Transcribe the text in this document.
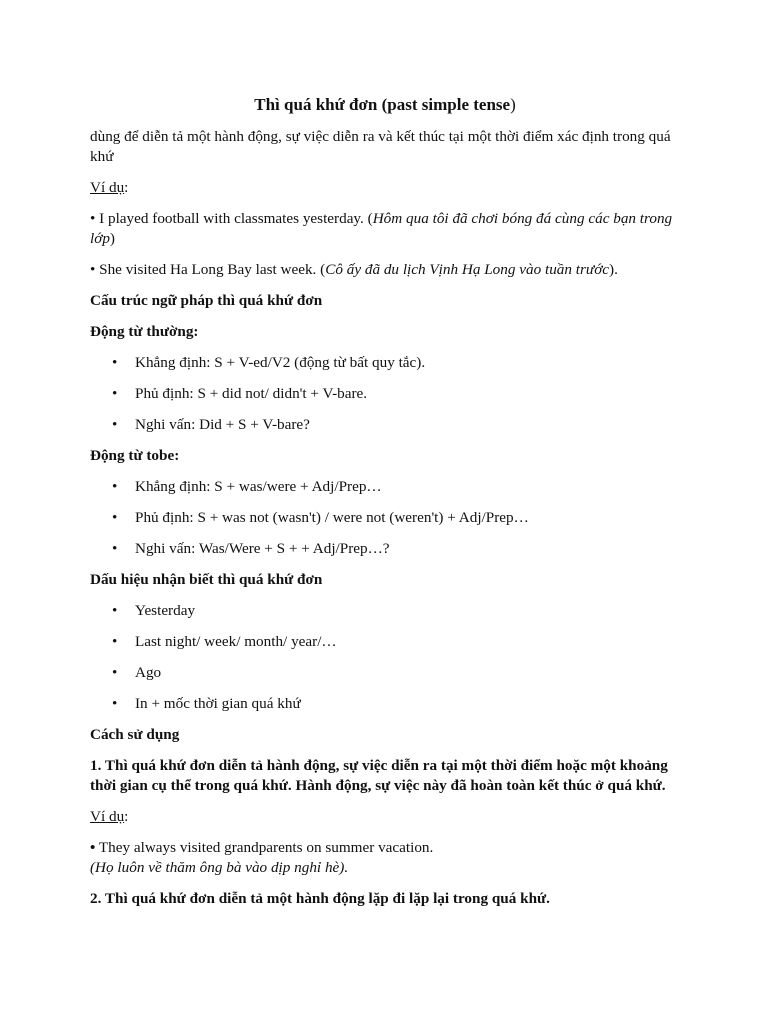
Thì quá khứ đơn (past simple tense)

dùng để diễn tả một hành động, sự việc diễn ra và kết thúc tại một thời điểm xác định trong quá khứ

Ví dụ:

• I played football with classmates yesterday. (Hôm qua tôi đã chơi bóng đá cùng các bạn trong lớp)

• She visited Ha Long Bay last week. (Cô ấy đã du lịch Vịnh Hạ Long vào tuần trước).

Cấu trúc ngữ pháp thì quá khứ đơn

Động từ thường:

• Khẳng định: S + V-ed/V2 (động từ bất quy tắc).
• Phủ định: S + did not/ didn't + V-bare.
• Nghi vấn: Did + S + V-bare?

Động từ tobe:

• Khẳng định: S + was/were + Adj/Prep…
• Phủ định: S + was not (wasn't) / were not (weren't) + Adj/Prep…
• Nghi vấn: Was/Were + S + + Adj/Prep…?

Dấu hiệu nhận biết thì quá khứ đơn

• Yesterday
• Last night/ week/ month/ year/…
• Ago
• In + mốc thời gian quá khứ

Cách sử dụng

1. Thì quá khứ đơn diễn tả hành động, sự việc diễn ra tại một thời điểm hoặc một khoảng thời gian cụ thể trong quá khứ. Hành động, sự việc này đã hoàn toàn kết thúc ở quá khứ.

Ví dụ:

• They always visited grandparents on summer vacation.
(Họ luôn về thăm ông bà vào dịp nghỉ hè).

2. Thì quá khứ đơn diễn tả một hành động lặp đi lặp lại trong quá khứ.
